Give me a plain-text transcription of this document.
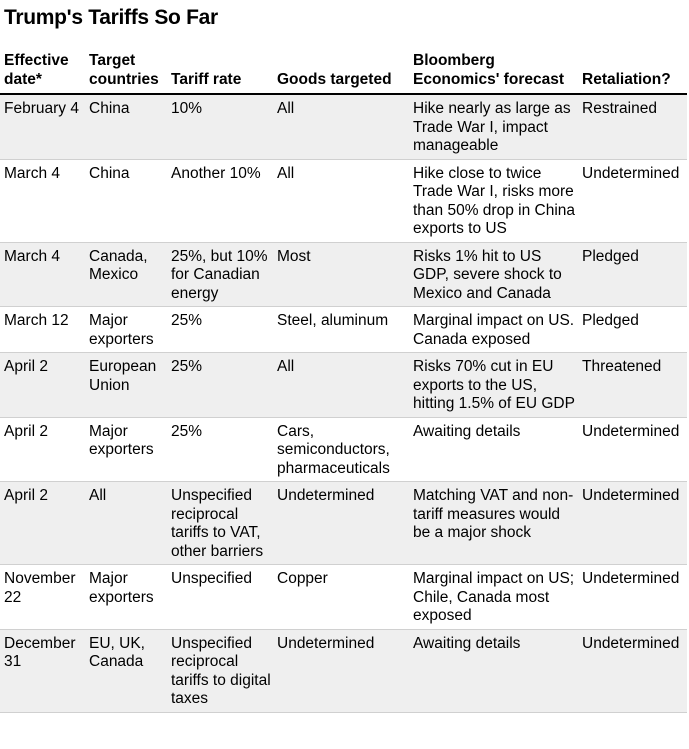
Trump's Tariffs So Far
Effective date*	Target countries	Tariff rate	Goods targeted	Bloomberg Economics' forecast	Retaliation?
February 4	China	10%	All	Hike nearly as large as Trade War I, impact manageable	Restrained
March 4	China	Another 10%	All	Hike close to twice Trade War I, risks more than 50% drop in China exports to US	Undetermined
March 4	Canada, Mexico	25%, but 10% for Canadian energy	Most	Risks 1% hit to US GDP, severe shock to Mexico and Canada	Pledged
March 12	Major exporters	25%	Steel, aluminum	Marginal impact on US. Canada exposed	Pledged
April 2	European Union	25%	All	Risks 70% cut in EU exports to the US, hitting 1.5% of EU GDP	Threatened
April 2	Major exporters	25%	Cars, semiconductors, pharmaceuticals	Awaiting details	Undetermined
April 2	All	Unspecified reciprocal tariffs to VAT, other barriers	Undetermined	Matching VAT and non-tariff measures would be a major shock	Undetermined
November 22	Major exporters	Unspecified	Copper	Marginal impact on US; Chile, Canada most exposed	Undetermined
December 31	EU, UK, Canada	Unspecified reciprocal tariffs to digital taxes	Undetermined	Awaiting details	Undetermined
